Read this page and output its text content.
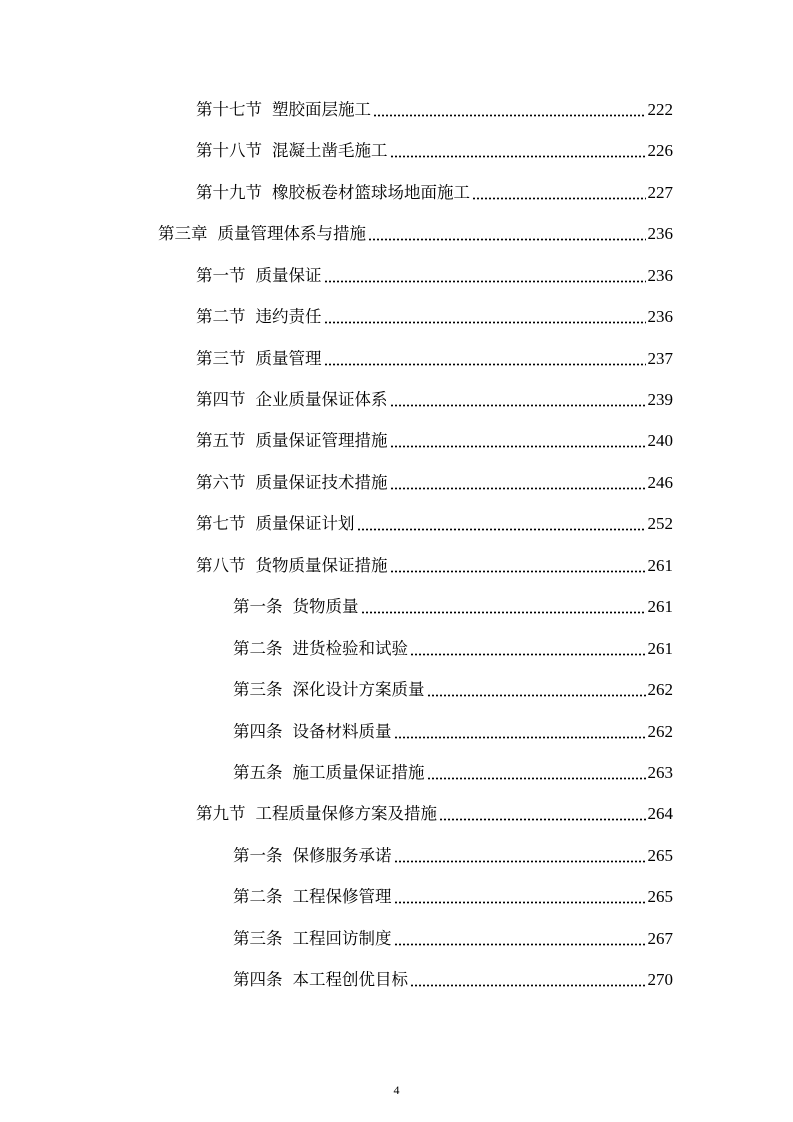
第十七节 塑胶面层施工	222
第十八节 混凝土凿毛施工	226
第十九节 橡胶板卷材篮球场地面施工	227
第三章 质量管理体系与措施	236
第一节 质量保证	236
第二节 违约责任	236
第三节 质量管理	237
第四节 企业质量保证体系	239
第五节 质量保证管理措施	240
第六节 质量保证技术措施	246
第七节 质量保证计划	252
第八节 货物质量保证措施	261
第一条 货物质量	261
第二条 进货检验和试验	261
第三条 深化设计方案质量	262
第四条 设备材料质量	262
第五条 施工质量保证措施	263
第九节 工程质量保修方案及措施	264
第一条 保修服务承诺	265
第二条 工程保修管理	265
第三条 工程回访制度	267
第四条 本工程创优目标	270
4
